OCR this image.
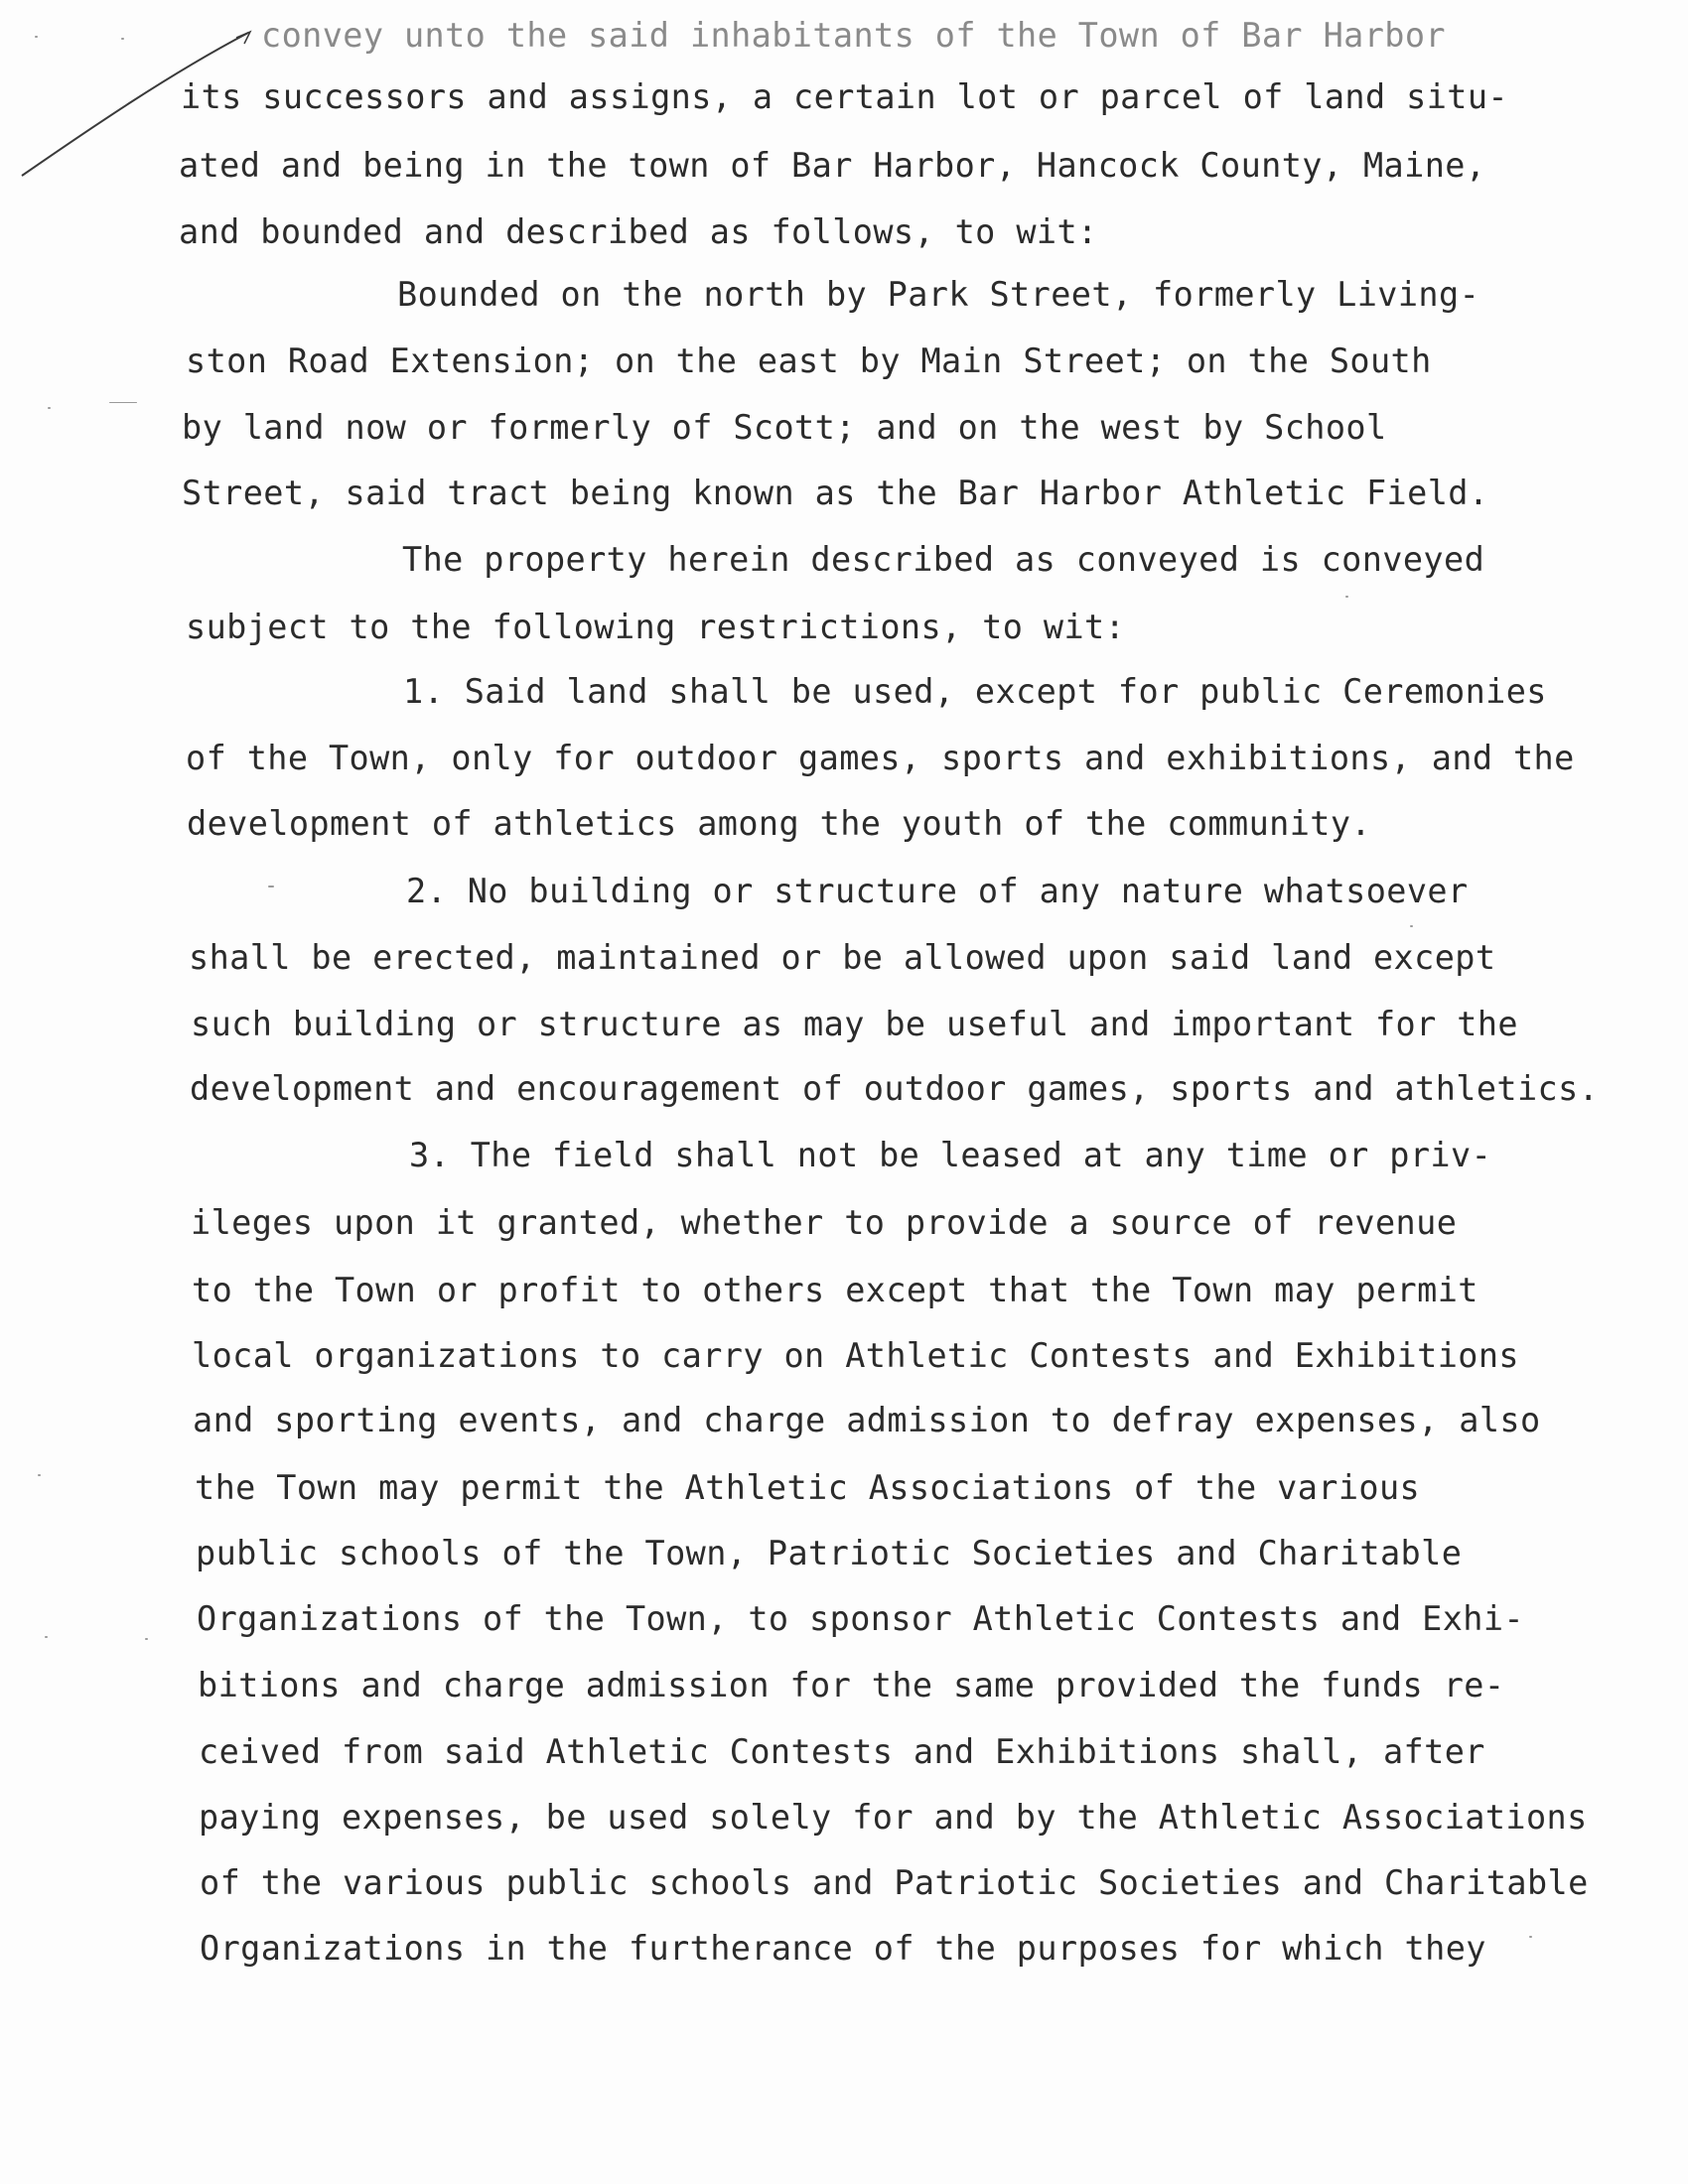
convey unto the said inhabitants of the Town of Bar Harbor
its successors and assigns, a certain lot or parcel of land situ-
ated and being in the town of Bar Harbor, Hancock County, Maine,
and bounded and described as follows, to wit:
Bounded on the north by Park Street, formerly Living-
ston Road Extension; on the east by Main Street; on the South
by land now or formerly of Scott; and on the west by School
Street, said tract being known as the Bar Harbor Athletic Field.
The property herein described as conveyed is conveyed
subject to the following restrictions, to wit:
1. Said land shall be used, except for public Ceremonies
of the Town, only for outdoor games, sports and exhibitions, and the
development of athletics among the youth of the community.
2. No building or structure of any nature whatsoever
shall be erected, maintained or be allowed upon said land except
such building or structure as may be useful and important for the
development and encouragement of outdoor games, sports and athletics.
3. The field shall not be leased at any time or priv-
ileges upon it granted, whether to provide a source of revenue
to the Town or profit to others except that the Town may permit
local organizations to carry on Athletic Contests and Exhibitions
and sporting events, and charge admission to defray expenses, also
the Town may permit the Athletic Associations of the various
public schools of the Town, Patriotic Societies and Charitable
Organizations of the Town, to sponsor Athletic Contests and Exhi-
bitions and charge admission for the same provided the funds re-
ceived from said Athletic Contests and Exhibitions shall, after
paying expenses, be used solely for and by the Athletic Associations
of the various public schools and Patriotic Societies and Charitable
Organizations in the furtherance of the purposes for which they
